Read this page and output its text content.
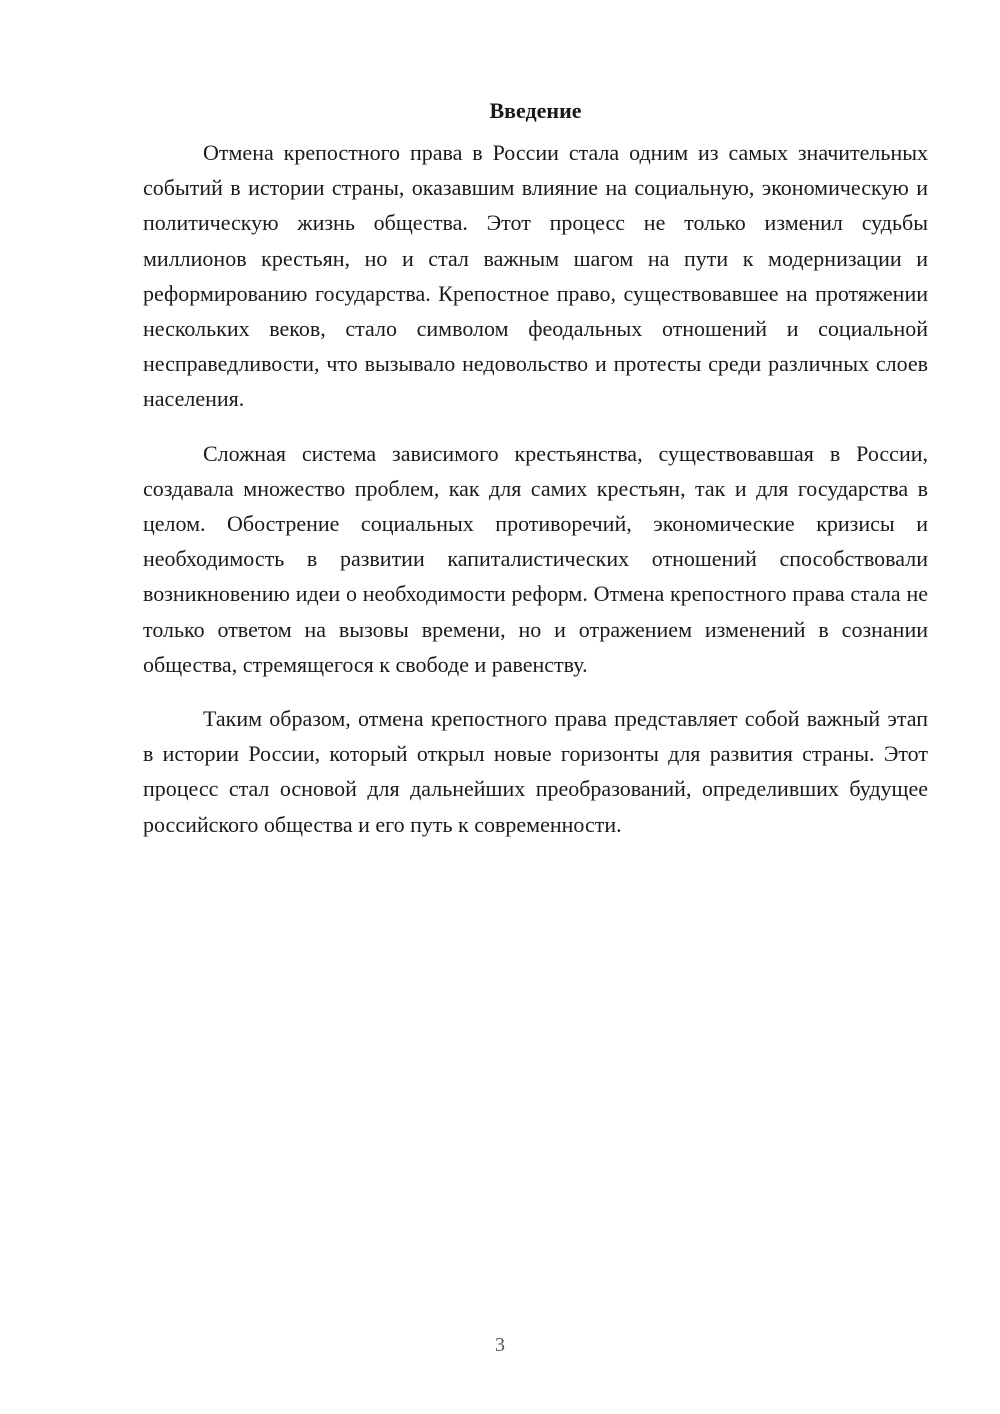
Введение

Отмена крепостного права в России стала одним из самых значительных событий в истории страны, оказавшим влияние на социальную, экономическую и политическую жизнь общества. Этот процесс не только изменил судьбы миллионов крестьян, но и стал важным шагом на пути к модернизации и реформированию государства. Крепостное право, существовавшее на протяжении нескольких веков, стало символом феодальных отношений и социальной несправедливости, что вызывало недовольство и протесты среди различных слоев населения.

Сложная система зависимого крестьянства, существовавшая в России, создавала множество проблем, как для самих крестьян, так и для государства в целом. Обострение социальных противоречий, экономические кризисы и необходимость в развитии капиталистических отношений способствовали возникновению идеи о необходимости реформ. Отмена крепостного права стала не только ответом на вызовы времени, но и отражением изменений в сознании общества, стремящегося к свободе и равенству.

Таким образом, отмена крепостного права представляет собой важный этап в истории России, который открыл новые горизонты для развития страны. Этот процесс стал основой для дальнейших преобразований, определивших будущее российского общества и его путь к современности.

3
